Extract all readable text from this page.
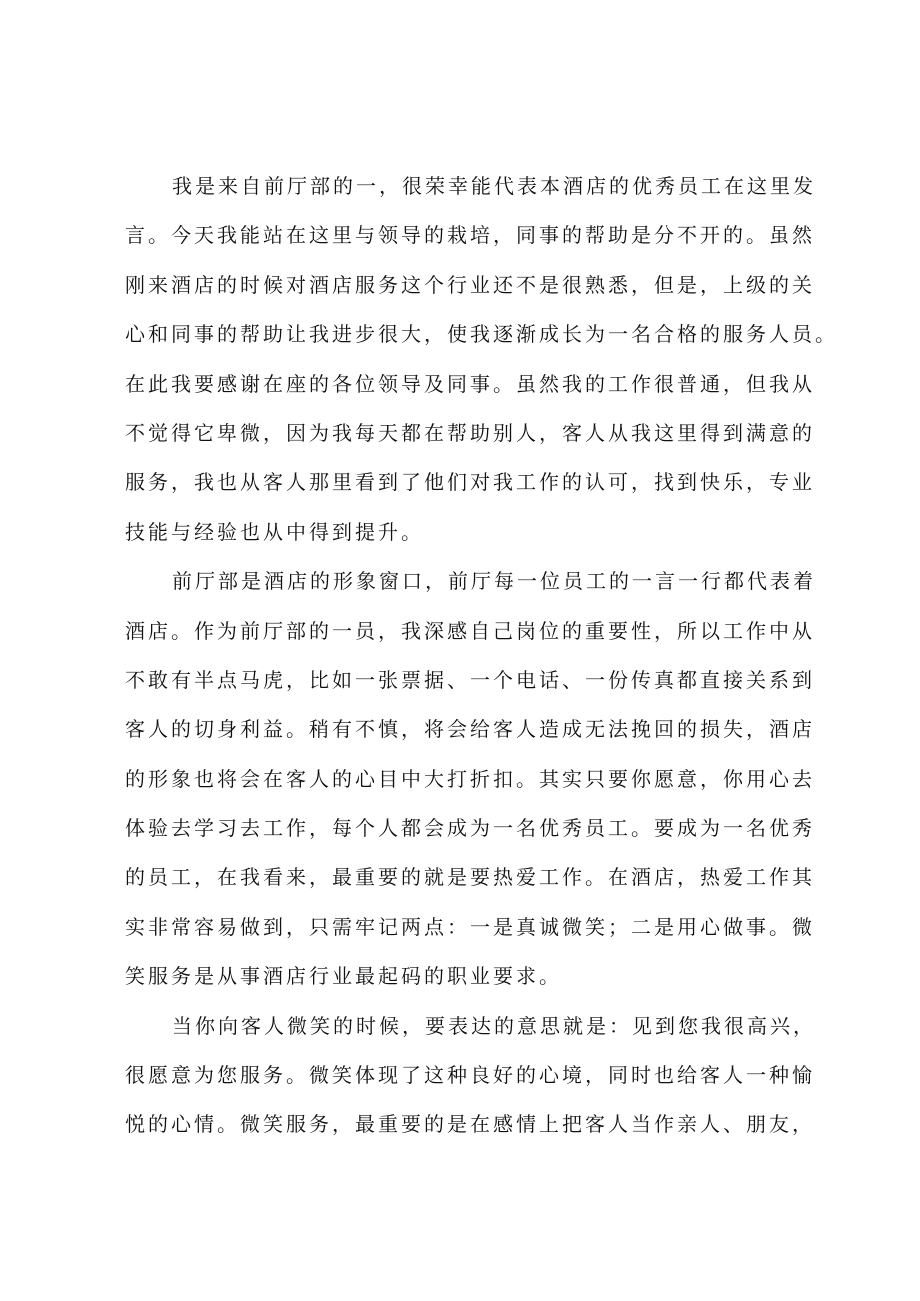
我是来自前厅部的一，很荣幸能代表本酒店的优秀员工在这里发
言。今天我能站在这里与领导的栽培，同事的帮助是分不开的。虽然
刚来酒店的时候对酒店服务这个行业还不是很熟悉，但是，上级的关
心和同事的帮助让我进步很大，使我逐渐成长为一名合格的服务人员。
在此我要感谢在座的各位领导及同事。虽然我的工作很普通，但我从
不觉得它卑微，因为我每天都在帮助别人，客人从我这里得到满意的
服务，我也从客人那里看到了他们对我工作的认可，找到快乐，专业
技能与经验也从中得到提升。
前厅部是酒店的形象窗口，前厅每一位员工的一言一行都代表着
酒店。作为前厅部的一员，我深感自己岗位的重要性，所以工作中从
不敢有半点马虎，比如一张票据、一个电话、一份传真都直接关系到
客人的切身利益。稍有不慎，将会给客人造成无法挽回的损失，酒店
的形象也将会在客人的心目中大打折扣。其实只要你愿意，你用心去
体验去学习去工作，每个人都会成为一名优秀员工。要成为一名优秀
的员工，在我看来，最重要的就是要热爱工作。在酒店，热爱工作其
实非常容易做到，只需牢记两点：一是真诚微笑；二是用心做事。微
笑服务是从事酒店行业最起码的职业要求。
当你向客人微笑的时候，要表达的意思就是：见到您我很高兴，
很愿意为您服务。微笑体现了这种良好的心境，同时也给客人一种愉
悦的心情。微笑服务，最重要的是在感情上把客人当作亲人、朋友，
